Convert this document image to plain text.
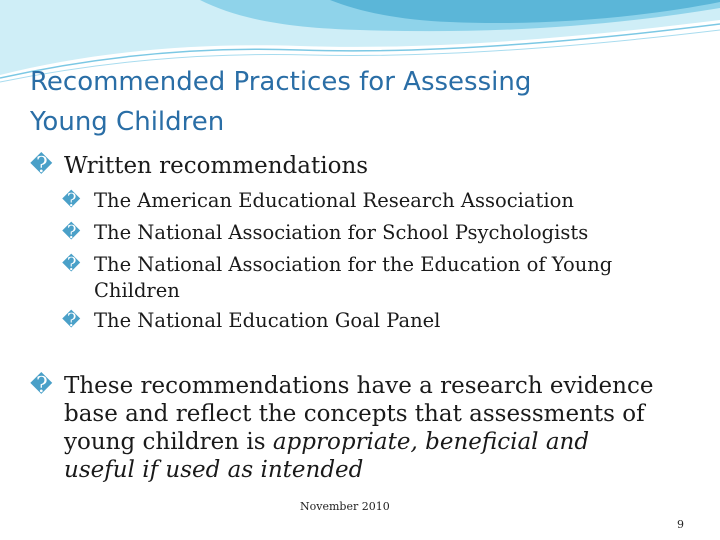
Recommended Practices for Assessing
Young Children
� Written recommendations
� The American Educational Research Association
� The National Association for School Psychologists
� The National Association for the Education of Young Children
� The National Education Goal Panel
� These recommendations have a research evidence base and reflect the concepts that assessments of young children is appropriate, beneficial and useful if used as intended
November 2010
9
